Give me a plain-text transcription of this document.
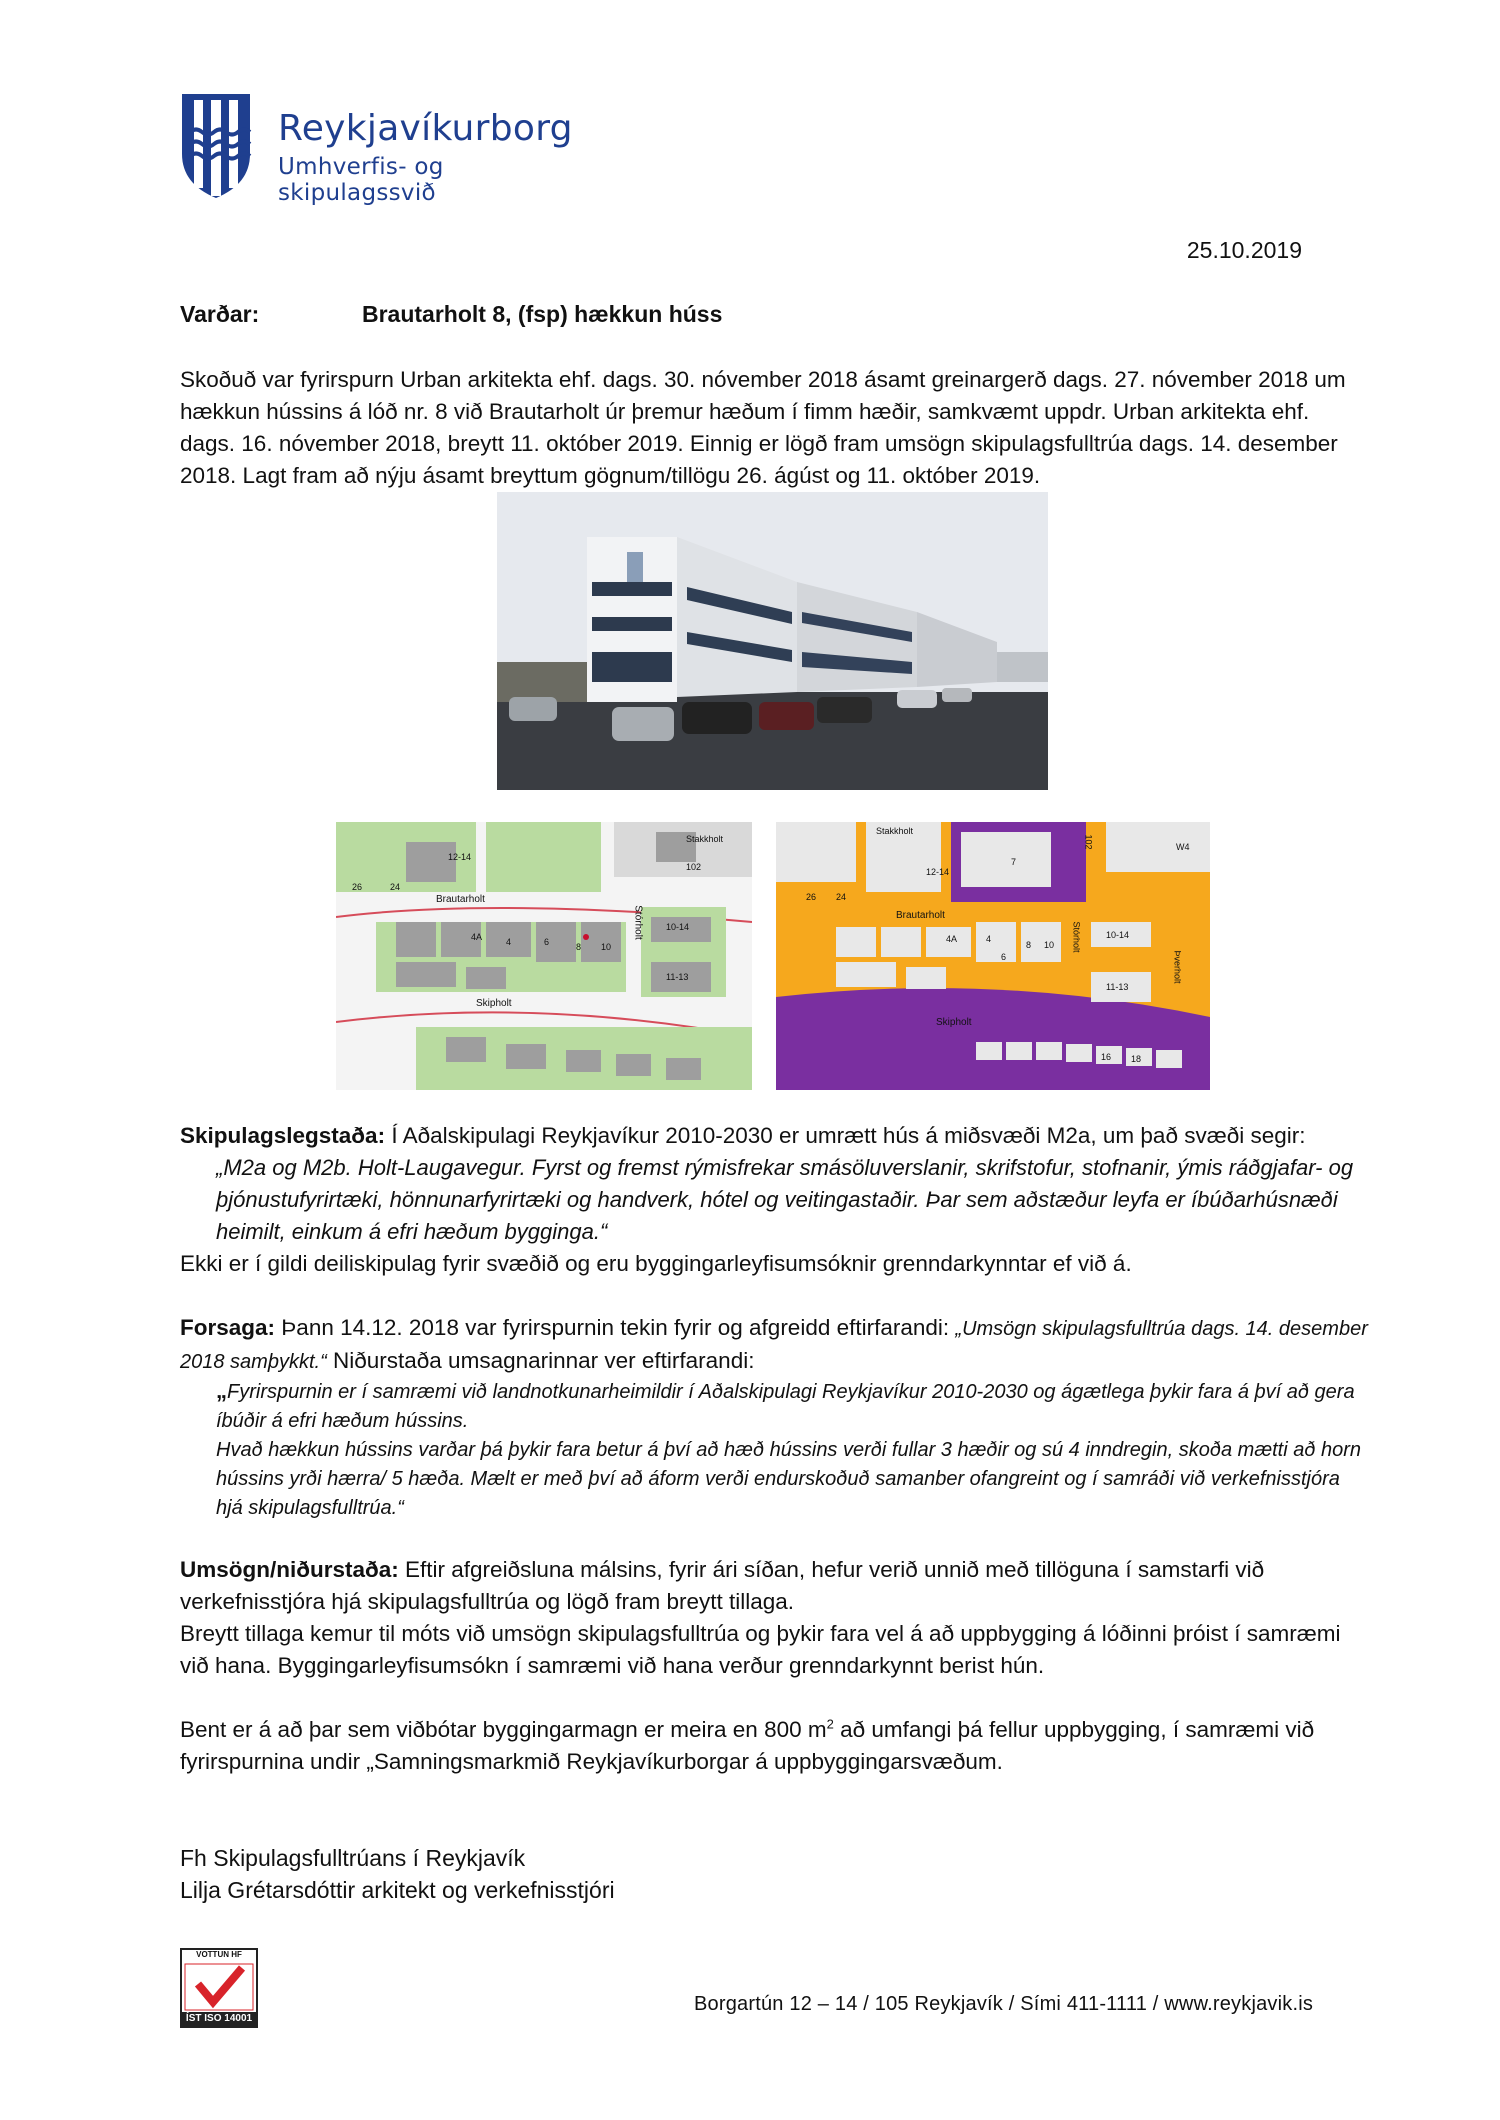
Reykjavíkurborg
Umhverfis- og skipulagssvið
25.10.2019
Varðar:	Brautarholt 8, (fsp) hækkun húss
Skoðuð var fyrirspurn Urban arkitekta ehf. dags. 30. nóvember 2018 ásamt greinargerð dags. 27. nóvember 2018 um hækkun hússins á lóð nr. 8 við Brautarholt úr þremur hæðum í fimm hæðir, samkvæmt uppdr. Urban arkitekta ehf. dags. 16. nóvember 2018, breytt 11. október 2019. Einnig er lögð fram umsögn skipulagsfulltrúa dags. 14. desember 2018. Lagt fram að nýju ásamt breyttum gögnum/tillögu 26. ágúst og 11. október 2019.
Brautarholt
Stórholt
Skipholt
Stakkholt
10-14
11-13
12-14
102
26	24
4A	4	6	8 10
Stakkholt
Brautarholt
Skipholt
Stórholt
Þverholt
10-14
11-13
12-14
4A	4
6
8 10
26 24
7
102	W4
16 18
Skipulagslegstaða: Í Aðalskipulagi Reykjavíkur 2010-2030 er umrætt hús á miðsvæði M2a, um það svæði segir:
„M2a og M2b. Holt-Laugavegur. Fyrst og fremst rýmisfrekar smásöluverslanir, skrifstofur, stofnanir, ýmis ráðgjafar- og þjónustufyrirtæki, hönnunarfyrirtæki og handverk, hótel og veitingastaðir. Þar sem aðstæður leyfa er íbúðarhúsnæði heimilt, einkum á efri hæðum bygginga.“
Ekki er í gildi deiliskipulag fyrir svæðið og eru byggingarleyfisumsóknir grenndarkynntar ef við á.
Forsaga: Þann 14.12. 2018 var fyrirspurnin tekin fyrir og afgreidd eftirfarandi: „Umsögn skipulagsfulltrúa dags. 14. desember 2018 samþykkt.“ Niðurstaða umsagnarinnar ver eftirfarandi:
„Fyrirspurnin er í samræmi við landnotkunarheimildir í Aðalskipulagi Reykjavíkur 2010-2030 og ágætlega þykir fara á því að gera íbúðir á efri hæðum hússins.
Hvað hækkun hússins varðar þá þykir fara betur á því að hæð hússins verði fullar 3 hæðir og sú 4 inndregin, skoða mætti að horn hússins yrði hærra/ 5 hæða. Mælt er með því að áform verði endurskoðuð samanber ofangreint og í samráði við verkefnisstjóra hjá skipulagsfulltrúa.“
Umsögn/niðurstaða: Eftir afgreiðsluna málsins, fyrir ári síðan, hefur verið unnið með tillöguna í samstarfi við verkefnisstjóra hjá skipulagsfulltrúa og lögð fram breytt tillaga.
Breytt tillaga kemur til móts við umsögn skipulagsfulltrúa og þykir fara vel á að uppbygging á lóðinni þróist í samræmi við hana. Byggingarleyfisumsókn í samræmi við hana verður grenndarkynnt berist hún.
Bent er á að þar sem viðbótar byggingarmagn er meira en 800 $m^2$ að umfangi þá fellur uppbygging, í samræmi við fyrirspurnina undir „Samningsmarkmið Reykjavíkurborgar á uppbyggingarsvæðum.
Fh Skipulagsfulltrúans í Reykjavík
Lilja Grétarsdóttir arkitekt og verkefnisstjóri
VOTTUN HF
ÍST ISO 14001
Borgartún 12 – 14 / 105 Reykjavík / Sími 411-1111 / www.reykjavik.is
